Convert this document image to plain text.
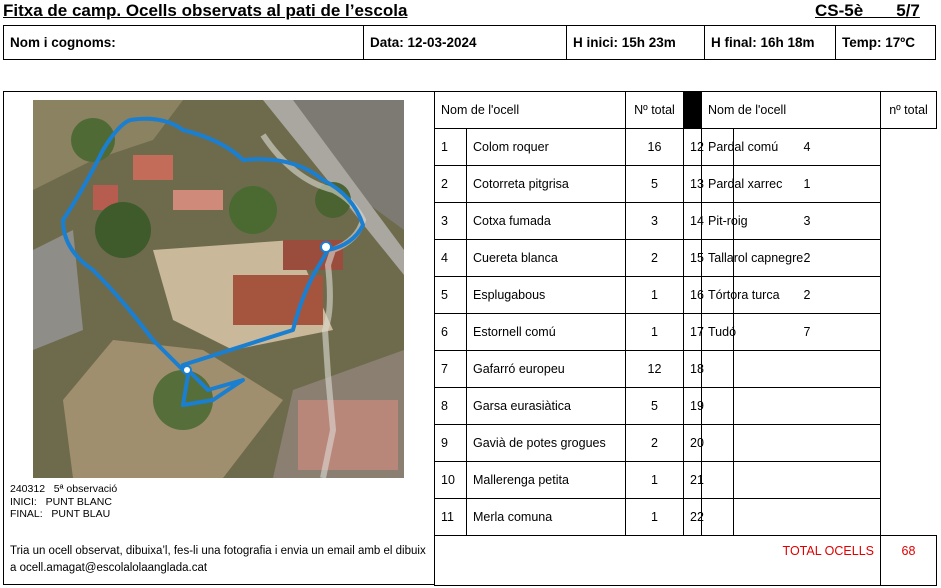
Fitxa de camp. Ocells observats al pati de l’escola	CS-5è       5/7
Nom i cognoms:	Data: 12-03-2024	H inici: 15h 23m	H final: 16h 18m	Temp: 17ºC
240312   5ª observació
INICI:   PUNT BLANC
FINAL:   PUNT BLAU
Tria un ocell observat, dibuixa’l, fes-li una fotografia i envia un email amb el dibuix a ocell.amagat@escolalolaanglada.cat
Nom de l'ocell		Nº total		Nom de l'ocell		nº total
1	Colom roquer	16	12	Pardal comú	4	
2	Cotorreta pitgrisa	5	13	Pardal xarrec	1	
3	Cotxa fumada	3	14	Pit-roig	3	
4	Cuereta blanca	2	15	Tallarol capnegre	2	
5	Esplugabous	1	16	Tórtora turca	2	
6	Estornell comú	1	17	Tudó	7	
7	Gafarró europeu	12	18			
8	Garsa eurasiàtica	5	19			
9	Gavià de potes grogues	2	20			
10	Mallerenga petita	1	21			
11	Merla comuna	1	22			
TOTAL OCELLS						68
